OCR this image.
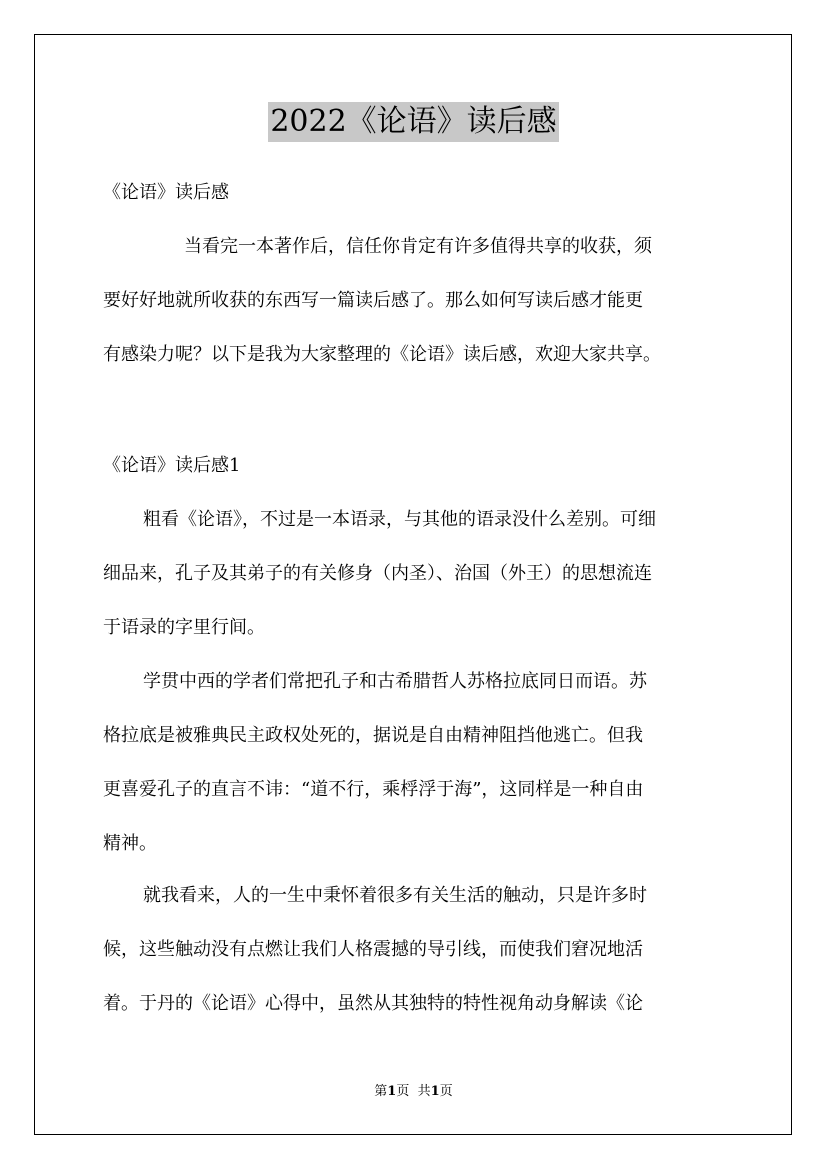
2022《论语》读后感
《论语》读后感
当看完一本著作后，信任你肯定有许多值得共享的收获，须
要好好地就所收获的东西写一篇读后感了。那么如何写读后感才能更
有感染力呢？以下是我为大家整理的《论语》读后感，欢迎大家共享。
《论语》读后感1
粗看《论语》，不过是一本语录，与其他的语录没什么差别。可细
细品来，孔子及其弟子的有关修身（内圣）、治国（外王）的思想流连
于语录的字里行间。
学贯中西的学者们常把孔子和古希腊哲人苏格拉底同日而语。苏
格拉底是被雅典民主政权处死的，据说是自由精神阻挡他逃亡。但我
更喜爱孔子的直言不讳：“道不行，乘桴浮于海”，这同样是一种自由
精神。
就我看来，人的一生中秉怀着很多有关生活的触动，只是许多时
候，这些触动没有点燃让我们人格震撼的导引线，而使我们窘况地活
着。于丹的《论语》心得中，虽然从其独特的特性视角动身解读《论
第1页 共1页
